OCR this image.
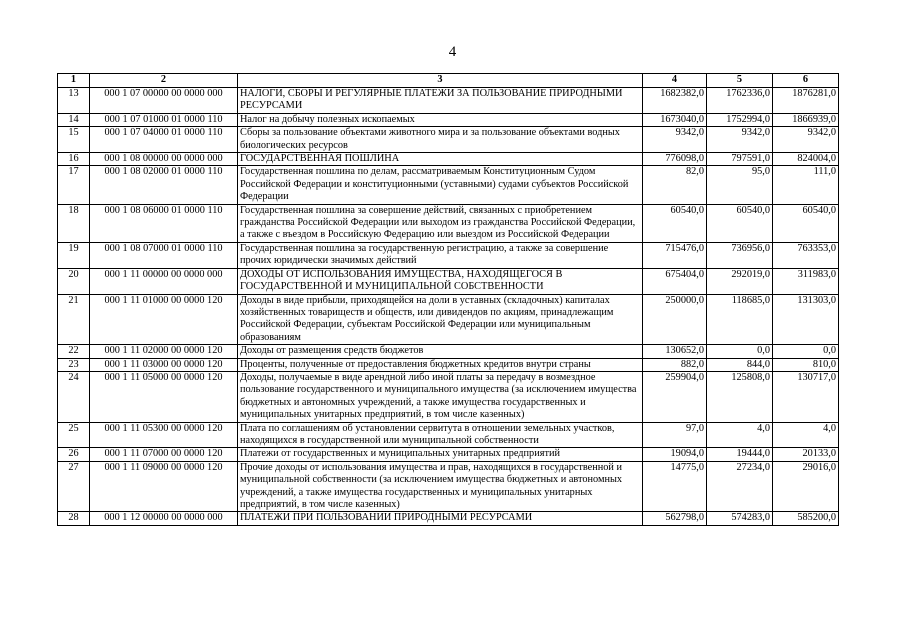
4
1	2	3	4	5	6
13	000 1 07 00000 00 0000 000	НАЛОГИ, СБОРЫ И РЕГУЛЯРНЫЕ ПЛАТЕЖИ ЗА ПОЛЬЗОВАНИЕ ПРИРОДНЫМИ РЕСУРСАМИ	1682382,0	1762336,0	1876281,0
14	000 1 07 01000 01 0000 110	Налог на добычу полезных ископаемых	1673040,0	1752994,0	1866939,0
15	000 1 07 04000 01 0000 110	Сборы за пользование объектами животного мира и за пользование объектами водных биологических ресурсов	9342,0	9342,0	9342,0
16	000 1 08 00000 00 0000 000	ГОСУДАРСТВЕННАЯ ПОШЛИНА	776098,0	797591,0	824004,0
17	000 1 08 02000 01 0000 110	Государственная пошлина по делам, рассматриваемым Конституционным Судом Российской Федерации и конституционными (уставными) судами субъектов Российской Федерации	82,0	95,0	111,0
18	000 1 08 06000 01 0000 110	Государственная пошлина за совершение действий, связанных с приобретением гражданства Российской Федерации или выходом из гражданства Российской Федерации, а также с въездом в Российскую Федерацию или выездом из Российской Федерации	60540,0	60540,0	60540,0
19	000 1 08 07000 01 0000 110	Государственная пошлина за государственную регистрацию, а также за совершение прочих юридически значимых действий	715476,0	736956,0	763353,0
20	000 1 11 00000 00 0000 000	ДОХОДЫ ОТ ИСПОЛЬЗОВАНИЯ ИМУЩЕСТВА, НАХОДЯЩЕГОСЯ В ГОСУДАРСТВЕННОЙ И МУНИЦИПАЛЬНОЙ СОБСТВЕННОСТИ	675404,0	292019,0	311983,0
21	000 1 11 01000 00 0000 120	Доходы в виде прибыли, приходящейся на доли в уставных (складочных) капиталах хозяйственных товариществ и обществ, или дивидендов по акциям, принадлежащим Российской Федерации, субъектам Российской Федерации или муниципальным образованиям	250000,0	118685,0	131303,0
22	000 1 11 02000 00 0000 120	Доходы от размещения средств бюджетов	130652,0	0,0	0,0
23	000 1 11 03000 00 0000 120	Проценты, полученные от предоставления бюджетных кредитов внутри страны	882,0	844,0	810,0
24	000 1 11 05000 00 0000 120	Доходы, получаемые в виде арендной либо иной платы за передачу в возмездное пользование государственного и муниципального имущества (за исключением имущества бюджетных и автономных учреждений, а также имущества государственных и муниципальных унитарных предприятий, в том числе казенных)	259904,0	125808,0	130717,0
25	000 1 11 05300 00 0000 120	Плата по соглашениям об установлении сервитута в отношении земельных участков, находящихся в государственной или муниципальной собственности	97,0	4,0	4,0
26	000 1 11 07000 00 0000 120	Платежи от государственных и муниципальных унитарных предприятий	19094,0	19444,0	20133,0
27	000 1 11 09000 00 0000 120	Прочие доходы от использования имущества и прав, находящихся в государственной и муниципальной собственности (за исключением имущества бюджетных и автономных учреждений, а также имущества государственных и муниципальных унитарных предприятий, в том числе казенных)	14775,0	27234,0	29016,0
28	000 1 12 00000 00 0000 000	ПЛАТЕЖИ ПРИ ПОЛЬЗОВАНИИ ПРИРОДНЫМИ РЕСУРСАМИ	562798,0	574283,0	585200,0
